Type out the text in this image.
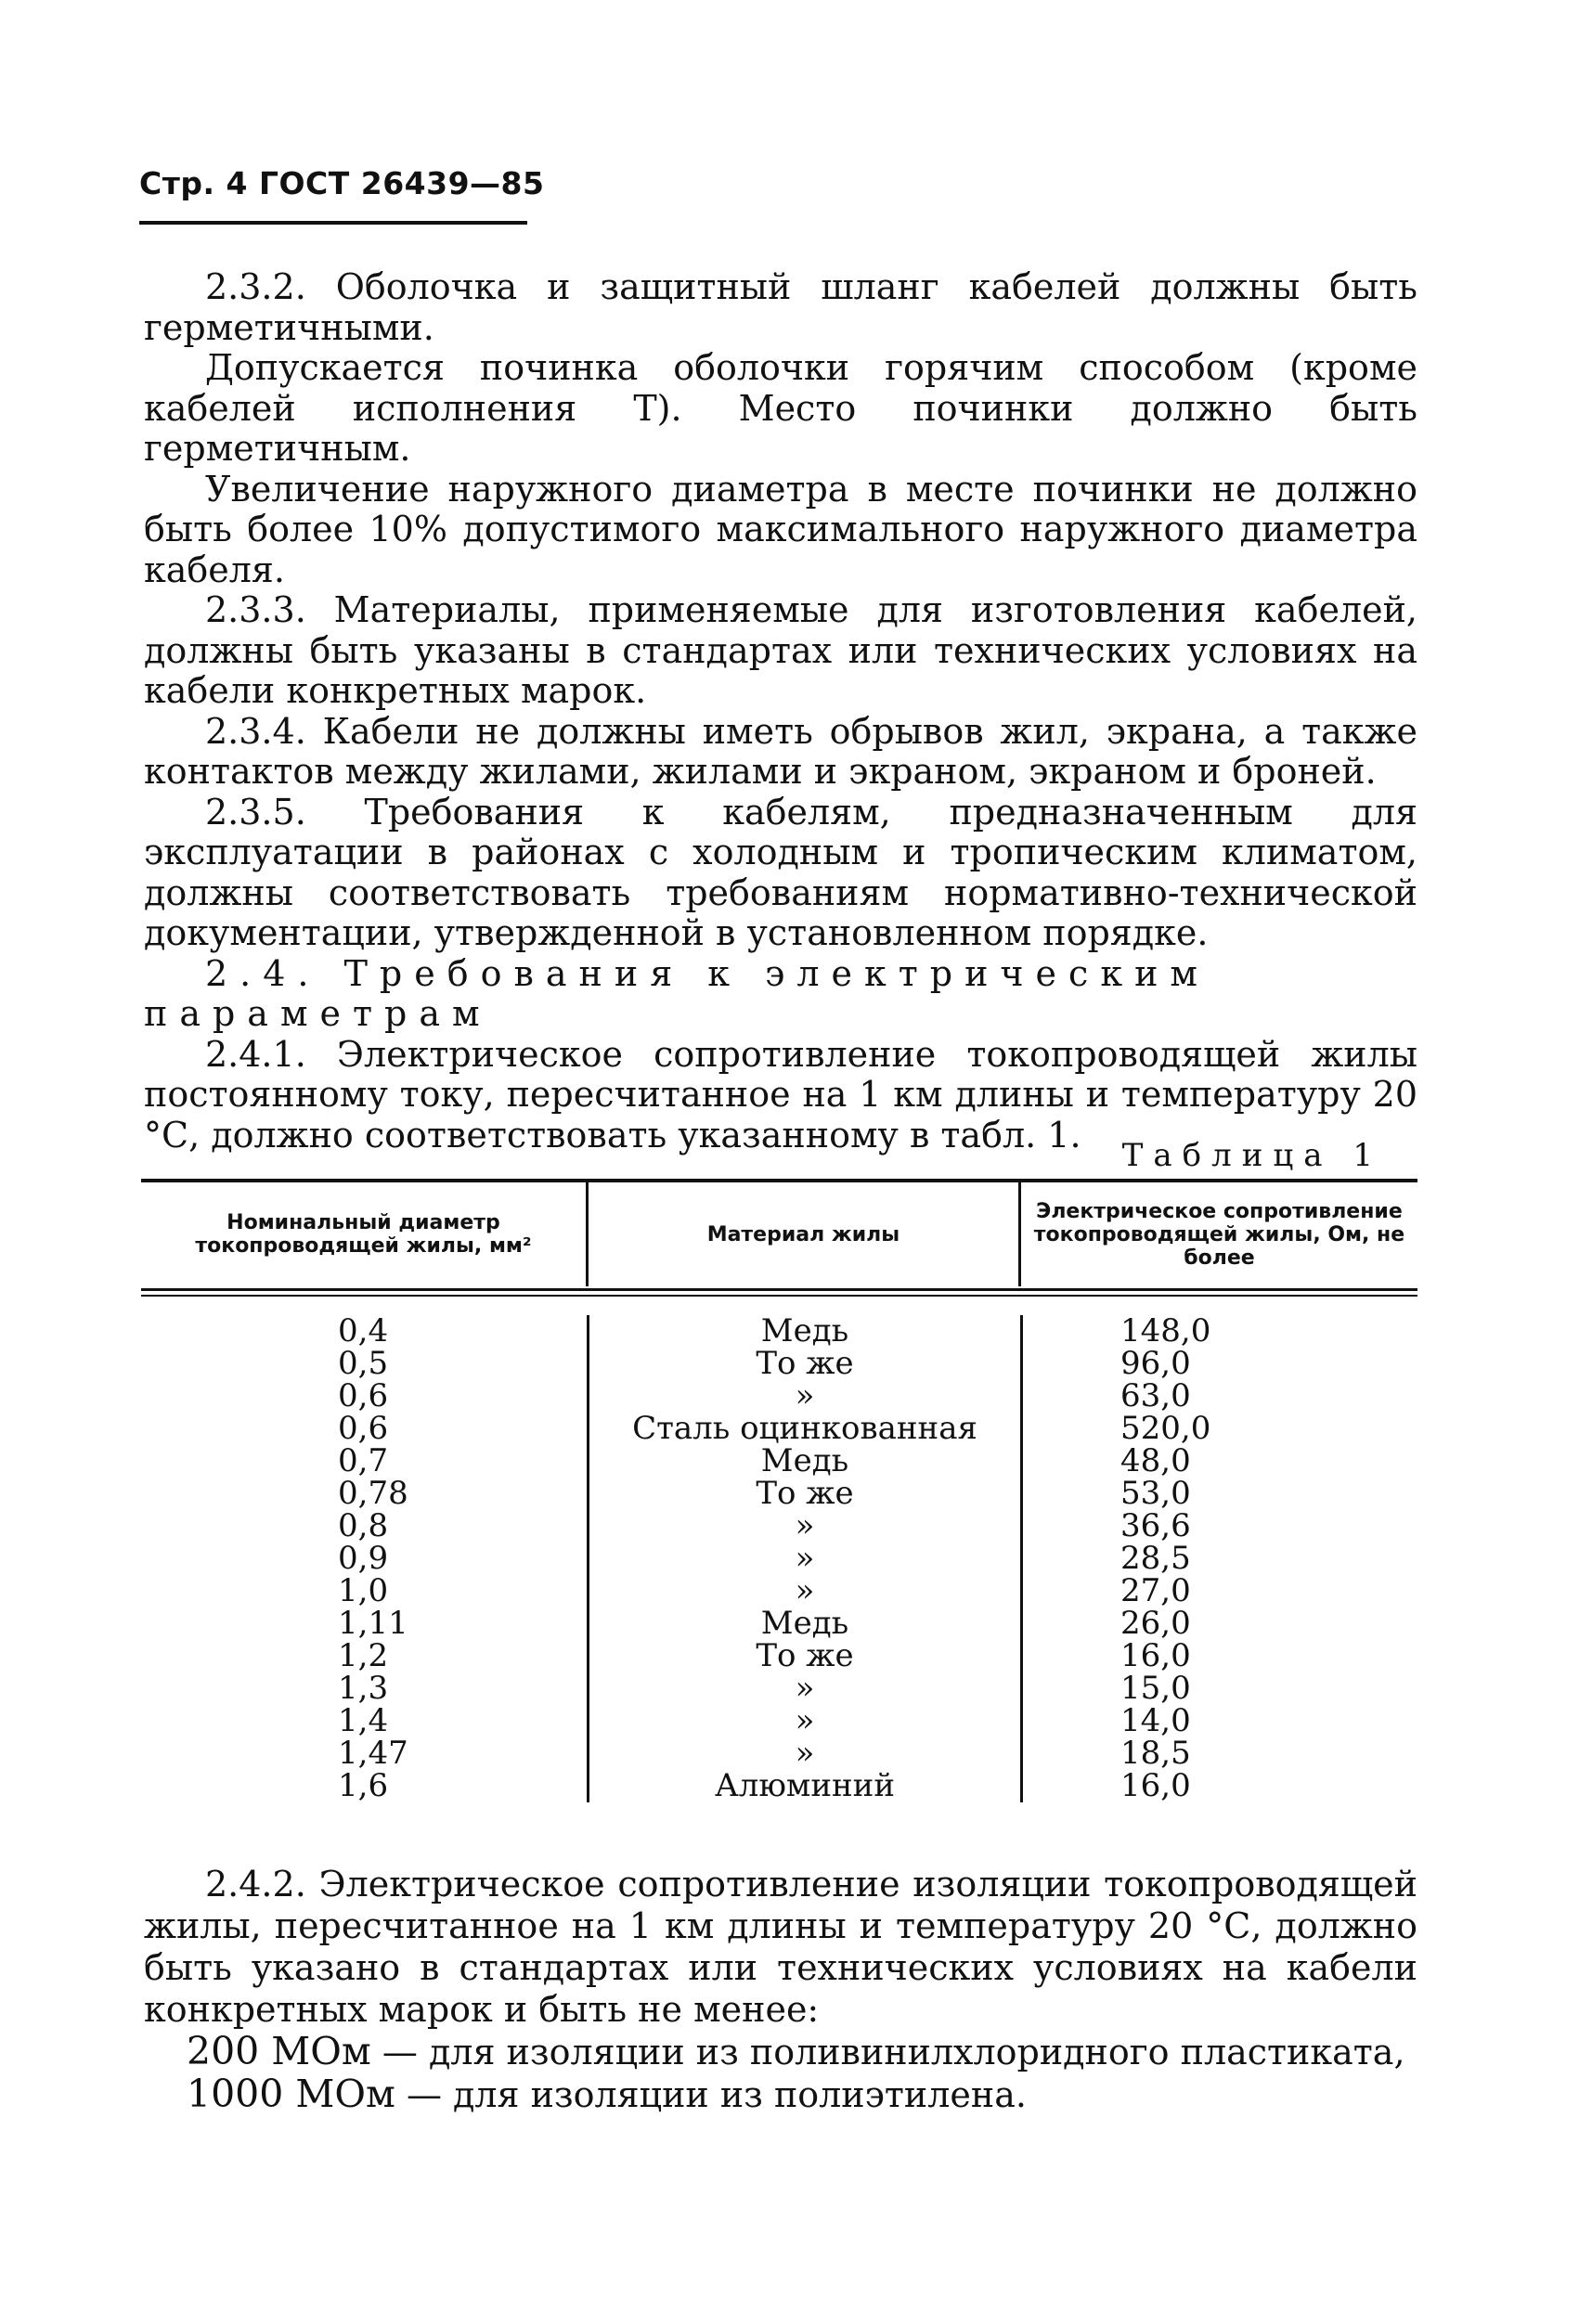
Стр. 4 ГОСТ 26439—85

2.3.2. Оболочка и защитный шланг кабелей должны быть герметичными.

Допускается починка оболочки горячим способом (кроме кабелей исполнения Т). Место починки должно быть герметичным.

Увеличение наружного диаметра в месте починки не должно быть более 10% допустимого максимального наружного диаметра кабеля.

2.3.3. Материалы, применяемые для изготовления кабелей, должны быть указаны в стандартах или технических условиях на кабели конкретных марок.

2.3.4. Кабели не должны иметь обрывов жил, экрана, а также контактов между жилами, жилами и экраном, экраном и броней.

2.3.5. Требования к кабелям, предназначенным для эксплуатации в районах с холодным и тропическим климатом, должны соответствовать требованиям нормативно-технической документации, утвержденной в установленном порядке.

2.4. Требования к электрическим параметрам

2.4.1. Электрическое сопротивление токопроводящей жилы постоянному току, пересчитанное на 1 км длины и температуру 20 °С, должно соответствовать указанному в табл. 1.

Таблица 1
Номинальный диаметр токопроводящей жилы, мм²	Материал жилы
Электрическое сопротивление токопроводящей жилы, Ом, не более
0,4
0,5
0,6
0,6
0,7
0,78
0,8
0,9
1,0
1,11
1,2
1,3
1,4
1,47
1,6
Медь
То же
»
Сталь оцинкованная
Медь
То же
»
»
»
Медь
То же
»
»
»
Алюминий
148,0
96,0
63,0
520,0
48,0
53,0
36,6
28,5
27,0
26,0
16,0
15,0
14,0
18,5
16,0

2.4.2. Электрическое сопротивление изоляции токопроводящей жилы, пересчитанное на 1 км длины и температуру 20 °С, должно быть указано в стандартах или технических условиях на кабели конкретных марок и быть не менее:

200 МОм — для изоляции из поливинилхлоридного пластиката,

1000 МОм — для изоляции из полиэтилена.
